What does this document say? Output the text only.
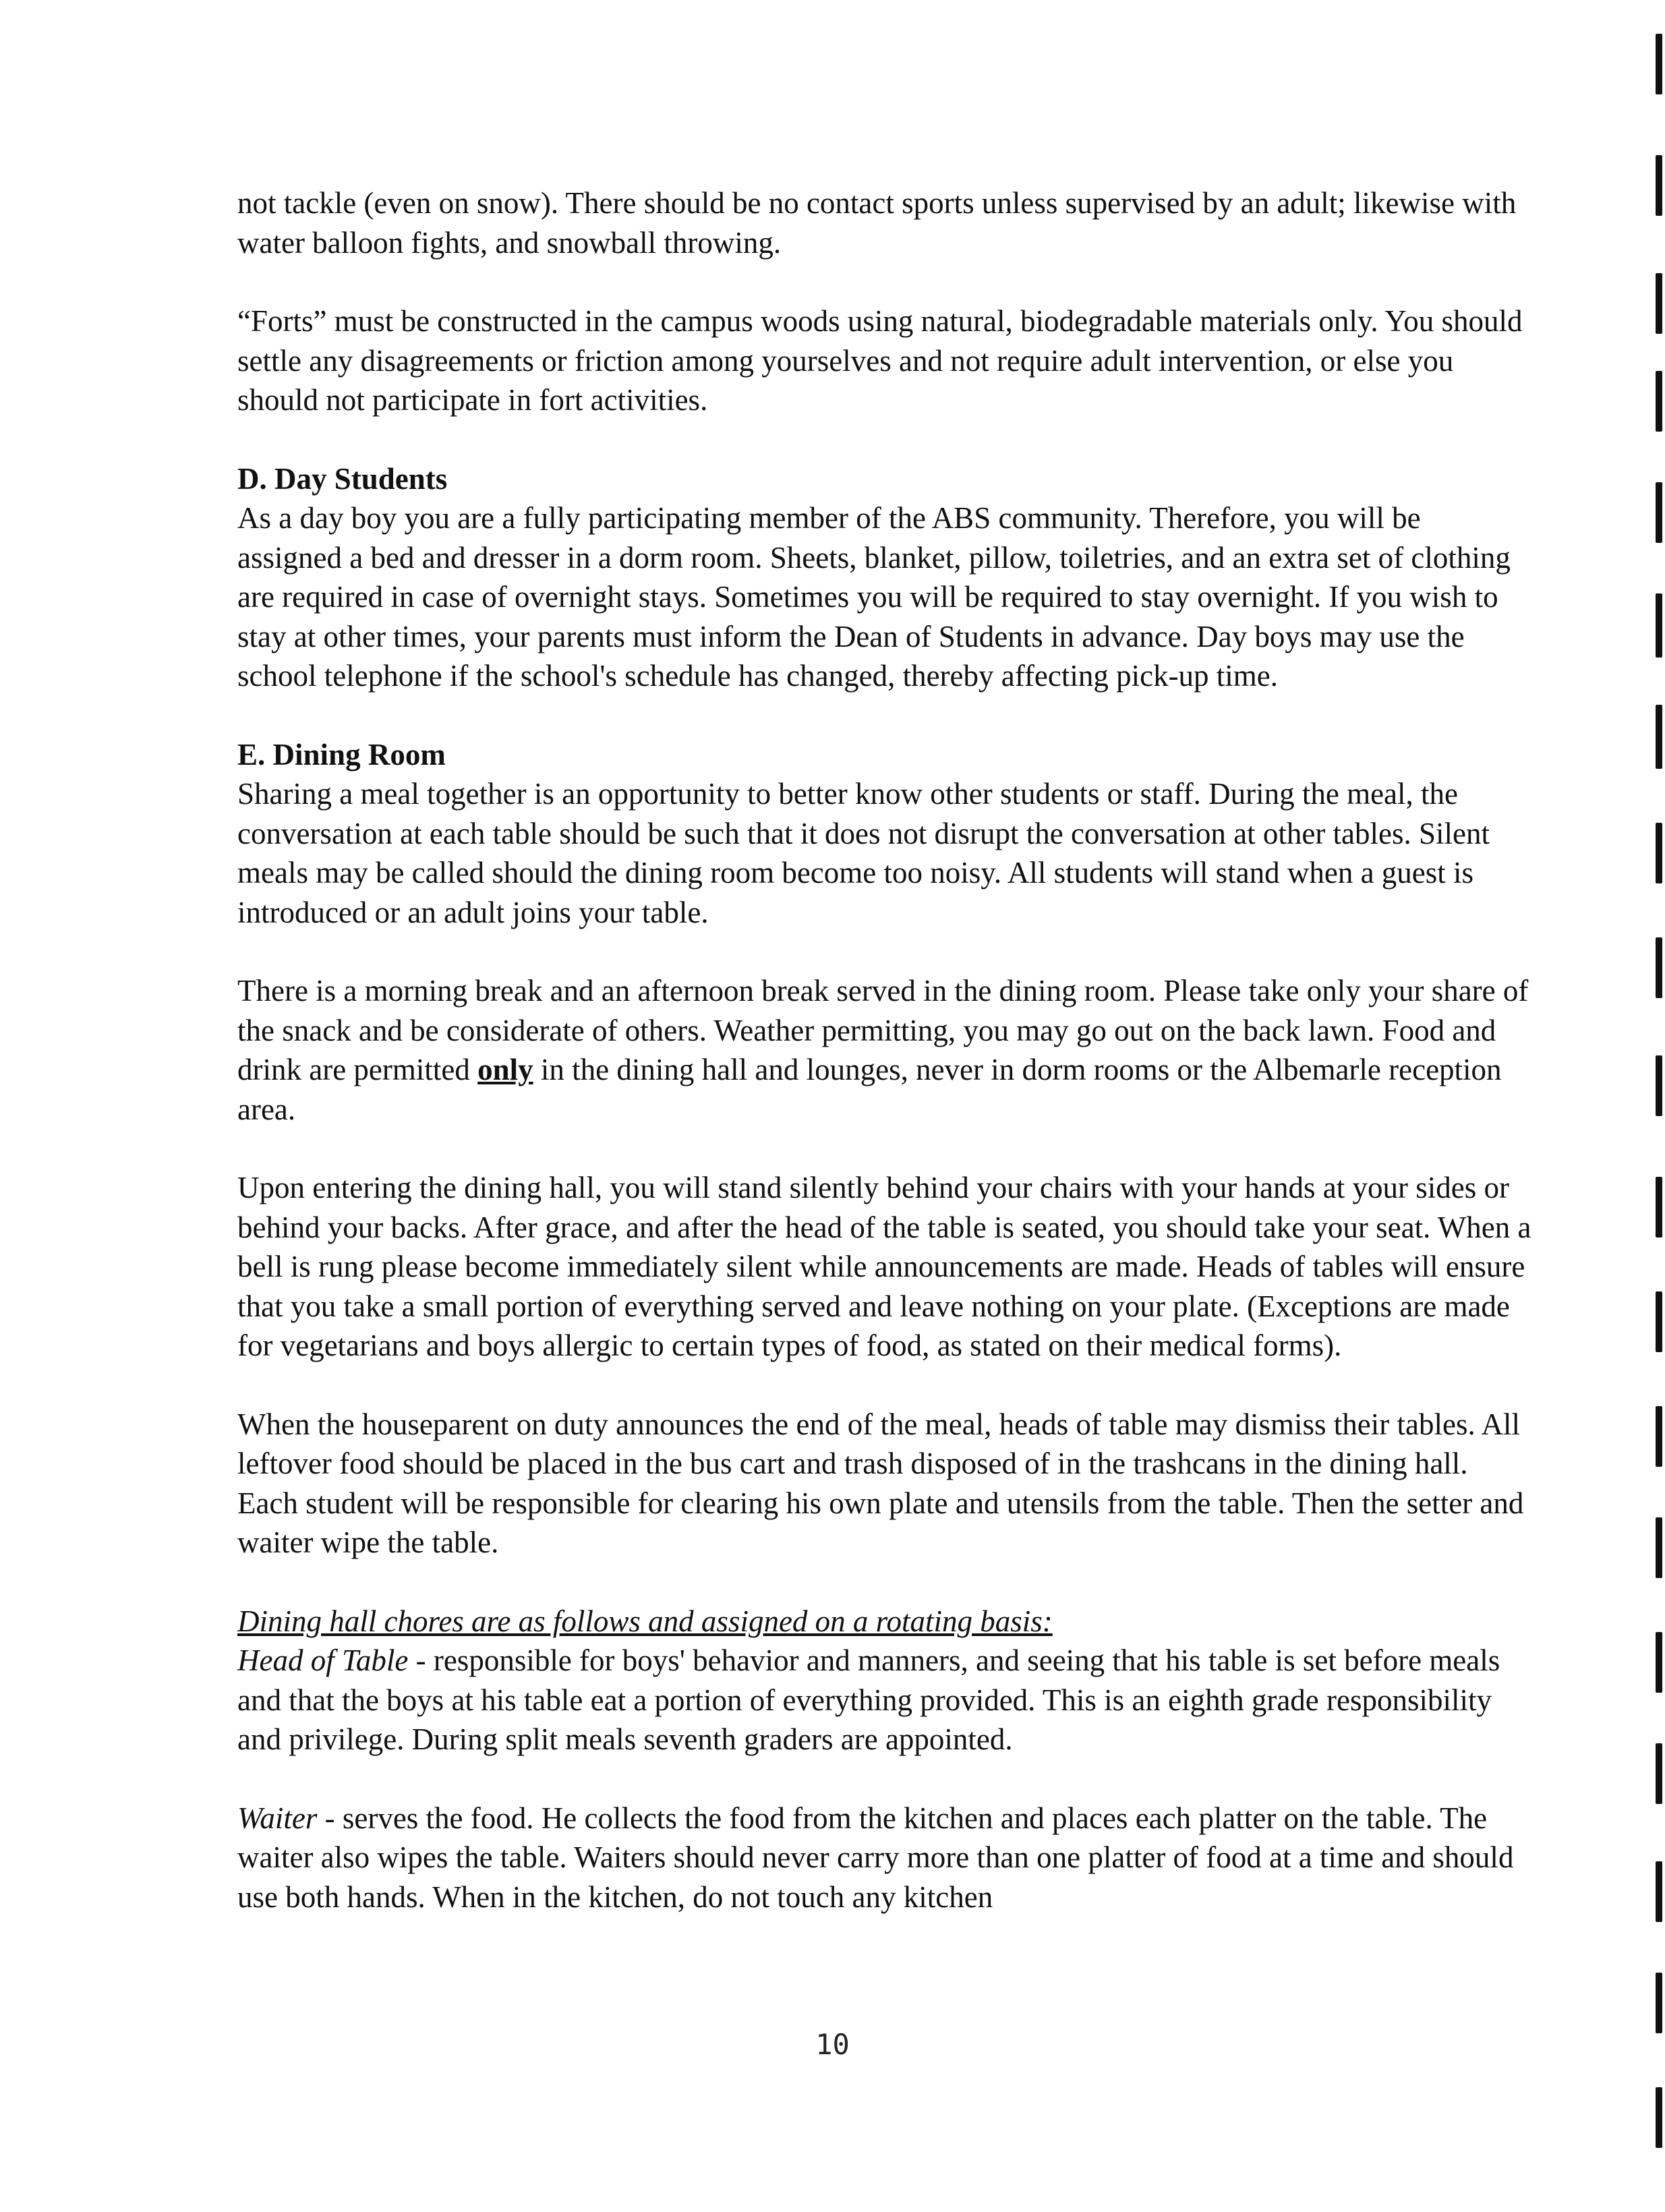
not tackle (even on snow). There should be no contact sports unless supervised by an adult; likewise with water balloon fights, and snowball throwing.

“Forts” must be constructed in the campus woods using natural, biodegradable materials only. You should settle any disagreements or friction among yourselves and not require adult intervention, or else you should not participate in fort activities.

D. Day Students

As a day boy you are a fully participating member of the ABS community. Therefore, you will be assigned a bed and dresser in a dorm room. Sheets, blanket, pillow, toiletries, and an extra set of clothing are required in case of overnight stays. Sometimes you will be required to stay overnight. If you wish to stay at other times, your parents must inform the Dean of Students in advance. Day boys may use the school telephone if the school's schedule has changed, thereby affecting pick-up time.

E. Dining Room

Sharing a meal together is an opportunity to better know other students or staff. During the meal, the conversation at each table should be such that it does not disrupt the conversation at other tables. Silent meals may be called should the dining room become too noisy. All students will stand when a guest is introduced or an adult joins your table.

There is a morning break and an afternoon break served in the dining room. Please take only your share of the snack and be considerate of others. Weather permitting, you may go out on the back lawn. Food and drink are permitted only in the dining hall and lounges, never in dorm rooms or the Albemarle reception area.

Upon entering the dining hall, you will stand silently behind your chairs with your hands at your sides or behind your backs. After grace, and after the head of the table is seated, you should take your seat. When a bell is rung please become immediately silent while announcements are made. Heads of tables will ensure that you take a small portion of everything served and leave nothing on your plate. (Exceptions are made for vegetarians and boys allergic to certain types of food, as stated on their medical forms).

When the houseparent on duty announces the end of the meal, heads of table may dismiss their tables. All leftover food should be placed in the bus cart and trash disposed of in the trashcans in the dining hall. Each student will be responsible for clearing his own plate and utensils from the table. Then the setter and waiter wipe the table.

Dining hall chores are as follows and assigned on a rotating basis:

Head of Table - responsible for boys' behavior and manners, and seeing that his table is set before meals and that the boys at his table eat a portion of everything provided. This is an eighth grade responsibility and privilege. During split meals seventh graders are appointed.

Waiter - serves the food. He collects the food from the kitchen and places each platter on the table. The waiter also wipes the table. Waiters should never carry more than one platter of food at a time and should use both hands. When in the kitchen, do not touch any kitchen

10
